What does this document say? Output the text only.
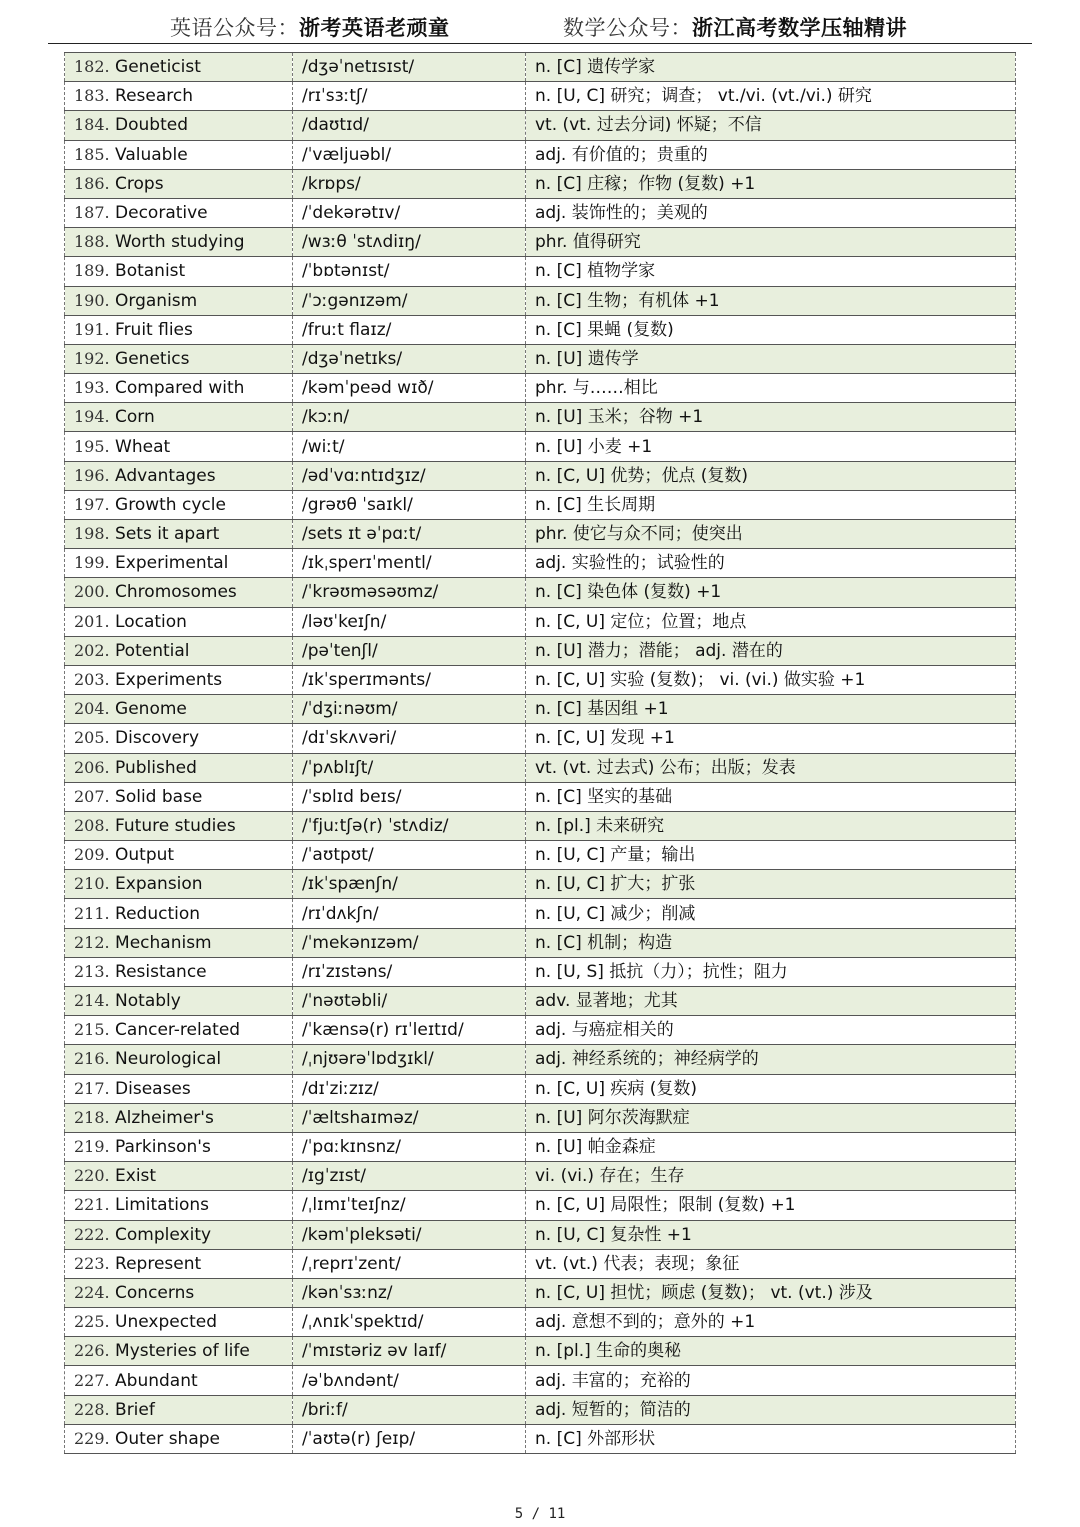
英语公众号：浙考英语老顽童	数学公众号：浙江高考数学压轴精讲
182. Geneticist	/dʒəˈnetɪsɪst/	n. [C] 遗传学家
183. Research	/rɪˈsɜːtʃ/	n. [U, C] 研究；调查； vt./vi. (vt./vi.) 研究
184. Doubted	/daʊtɪd/	vt. (vt. 过去分词) 怀疑；不信
185. Valuable	/ˈvæljuəbl/	adj. 有价值的；贵重的
186. Crops	/krɒps/	n. [C] 庄稼；作物 (复数) +1
187. Decorative	/ˈdekərətɪv/	adj. 装饰性的；美观的
188. Worth studying	/wɜːθ ˈstʌdiɪŋ/	phr. 值得研究
189. Botanist	/ˈbɒtənɪst/	n. [C] 植物学家
190. Organism	/ˈɔːgənɪzəm/	n. [C] 生物；有机体 +1
191. Fruit flies	/fruːt flaɪz/	n. [C] 果蝇 (复数)
192. Genetics	/dʒəˈnetɪks/	n. [U] 遗传学
193. Compared with	/kəmˈpeəd wɪð/	phr. 与……相比
194. Corn	/kɔːn/	n. [U] 玉米；谷物 +1
195. Wheat	/wiːt/	n. [U] 小麦 +1
196. Advantages	/ədˈvɑːntɪdʒɪz/	n. [C, U] 优势；优点 (复数)
197. Growth cycle	/grəʊθ ˈsaɪkl/	n. [C] 生长周期
198. Sets it apart	/sets ɪt əˈpɑːt/	phr. 使它与众不同；使突出
199. Experimental	/ɪkˌsperɪˈmentl/	adj. 实验性的；试验性的
200. Chromosomes	/ˈkrəʊməsəʊmz/	n. [C] 染色体 (复数) +1
201. Location	/ləʊˈkeɪʃn/	n. [C, U] 定位；位置；地点
202. Potential	/pəˈtenʃl/	n. [U] 潜力；潜能； adj. 潜在的
203. Experiments	/ɪkˈsperɪmənts/	n. [C, U] 实验 (复数)； vi. (vi.) 做实验 +1
204. Genome	/ˈdʒiːnəʊm/	n. [C] 基因组 +1
205. Discovery	/dɪˈskʌvəri/	n. [C, U] 发现 +1
206. Published	/ˈpʌblɪʃt/	vt. (vt. 过去式) 公布；出版；发表
207. Solid base	/ˈsɒlɪd beɪs/	n. [C] 坚实的基础
208. Future studies	/ˈfjuːtʃə(r) ˈstʌdiz/	n. [pl.] 未来研究
209. Output	/ˈaʊtpʊt/	n. [U, C] 产量；输出
210. Expansion	/ɪkˈspænʃn/	n. [U, C] 扩大；扩张
211. Reduction	/rɪˈdʌkʃn/	n. [U, C] 减少；削减
212. Mechanism	/ˈmekənɪzəm/	n. [C] 机制；构造
213. Resistance	/rɪˈzɪstəns/	n. [U, S] 抵抗（力）；抗性；阻力
214. Notably	/ˈnəʊtəbli/	adv. 显著地；尤其
215. Cancer-related	/ˈkænsə(r) rɪˈleɪtɪd/	adj. 与癌症相关的
216. Neurological	/ˌnjʊərəˈlɒdʒɪkl/	adj. 神经系统的；神经病学的
217. Diseases	/dɪˈziːzɪz/	n. [C, U] 疾病 (复数)
218. Alzheimer's	/ˈæltshaɪməz/	n. [U] 阿尔茨海默症
219. Parkinson's	/ˈpɑːkɪnsnz/	n. [U] 帕金森症
220. Exist	/ɪgˈzɪst/	vi. (vi.) 存在；生存
221. Limitations	/ˌlɪmɪˈteɪʃnz/	n. [C, U] 局限性；限制 (复数) +1
222. Complexity	/kəmˈpleksəti/	n. [U, C] 复杂性 +1
223. Represent	/ˌreprɪˈzent/	vt. (vt.) 代表；表现；象征
224. Concerns	/kənˈsɜːnz/	n. [C, U] 担忧；顾虑 (复数)； vt. (vt.) 涉及
225. Unexpected	/ˌʌnɪkˈspektɪd/	adj. 意想不到的；意外的 +1
226. Mysteries of life	/ˈmɪstəriz əv laɪf/	n. [pl.] 生命的奥秘
227. Abundant	/əˈbʌndənt/	adj. 丰富的；充裕的
228. Brief	/briːf/	adj. 短暂的；简洁的
229. Outer shape	/ˈaʊtə(r) ʃeɪp/	n. [C] 外部形状
5 / 11
